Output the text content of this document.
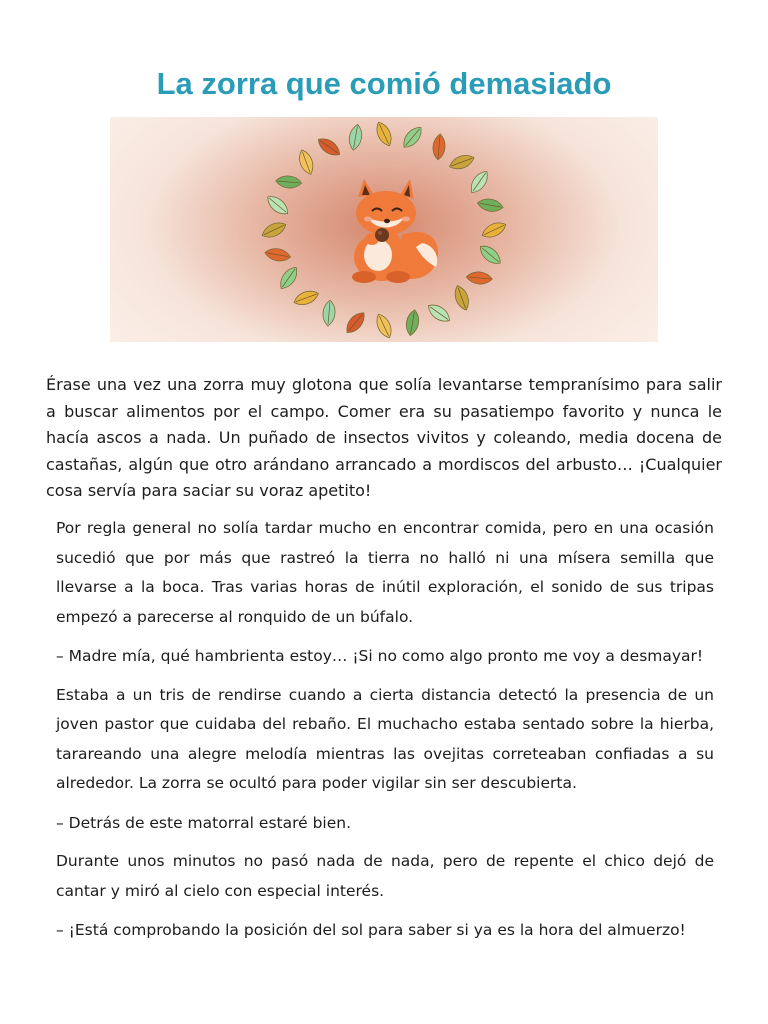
La zorra que comió demasiado

Érase una vez una zorra muy glotona que solía levantarse tempranísimo para salir a buscar alimentos por el campo. Comer era su pasatiempo favorito y nunca le hacía ascos a nada. Un puñado de insectos vivitos y coleando, media docena de castañas, algún que otro arándano arrancado a mordiscos del arbusto… ¡Cualquier cosa servía para saciar su voraz apetito!

Por regla general no solía tardar mucho en encontrar comida, pero en una ocasión sucedió que por más que rastreó la tierra no halló ni una mísera semilla que llevarse a la boca. Tras varias horas de inútil exploración, el sonido de sus tripas empezó a parecerse al ronquido de un búfalo.

– Madre mía, qué hambrienta estoy… ¡Si no como algo pronto me voy a desmayar!

Estaba a un tris de rendirse cuando a cierta distancia detectó la presencia de un joven pastor que cuidaba del rebaño. El muchacho estaba sentado sobre la hierba, tarareando una alegre melodía mientras las ovejitas correteaban confiadas a su alrededor. La zorra se ocultó para poder vigilar sin ser descubierta.

– Detrás de este matorral estaré bien.

Durante unos minutos no pasó nada de nada, pero de repente el chico dejó de cantar y miró al cielo con especial interés.

– ¡Está comprobando la posición del sol para saber si ya es la hora del almuerzo!
